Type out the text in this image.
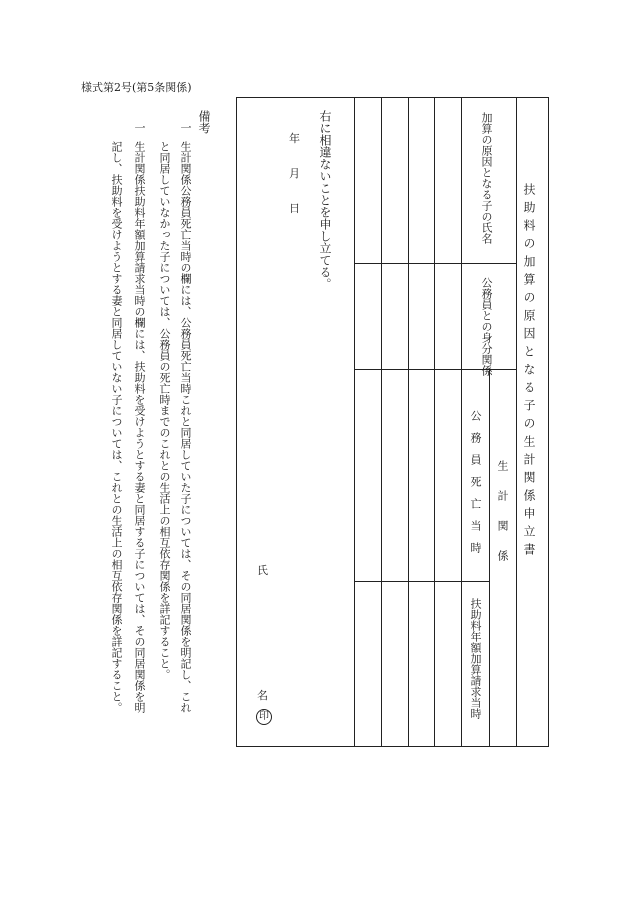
様式第2号(第5条関係)
扶助料の加算の原因となる子の生計関係申立書
加算の原因となる子の氏名
公務員との身分関係
生　計　関　係
公務員死亡当時
扶助料年額加算請求当時
右に相違ないことを申し立てる。
年
月
日
氏
名
印
備考
一
生計関係公務員死亡当時の欄には、公務員死亡当時これと同居していた子については、その同居関係を明記し、これ
と同居していなかった子については、公務員の死亡時までのこれとの生活上の相互依存関係を詳記すること。
一
生計関係扶助料年額加算請求当時の欄には、扶助料を受けようとする妻と同居する子については、その同居関係を明
記し、扶助料を受けようとする妻と同居していない子については、これとの生活上の相互依存関係を詳記すること。
